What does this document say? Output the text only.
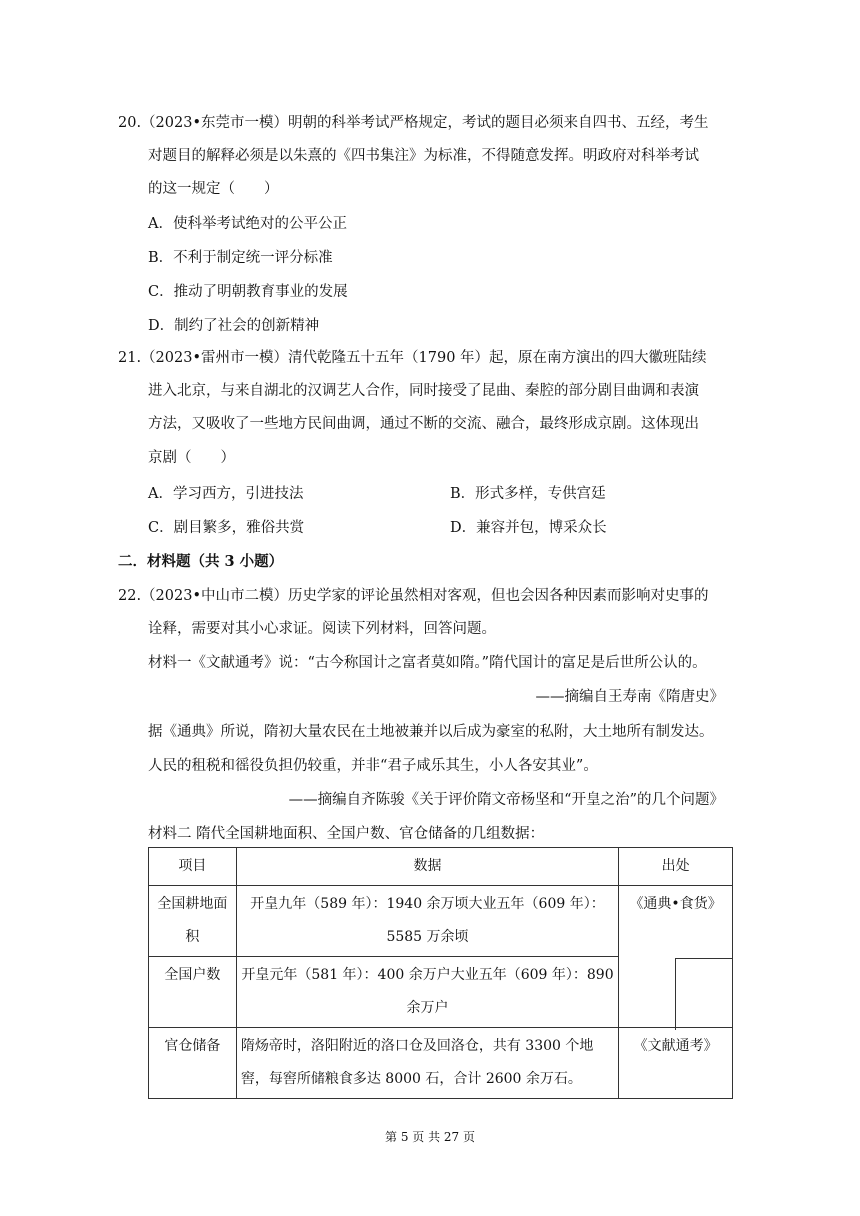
20.（2023•东莞市一模）明朝的科举考试严格规定，考试的题目必须来自四书、五经，考生
对题目的解释必须是以朱熹的《四书集注》为标准，不得随意发挥。明政府对科举考试
的这一规定（　　）
A．使科举考试绝对的公平公正
B．不利于制定统一评分标准
C．推动了明朝教育事业的发展
D．制约了社会的创新精神
21.（2023•雷州市一模）清代乾隆五十五年（1790 年）起，原在南方演出的四大徽班陆续
进入北京，与来自湖北的汉调艺人合作，同时接受了昆曲、秦腔的部分剧目曲调和表演
方法，又吸收了一些地方民间曲调，通过不断的交流、融合，最终形成京剧。这体现出
京剧（　　）
A．学习西方，引进技法	B．形式多样，专供宫廷
C．剧目繁多，雅俗共赏	D．兼容并包，博采众长
二．材料题（共 3 小题）
22.（2023•中山市二模）历史学家的评论虽然相对客观，但也会因各种因素而影响对史事的
诠释，需要对其小心求证。阅读下列材料，回答问题。
材料一《文献通考》说：“古今称国计之富者莫如隋。”隋代国计的富足是后世所公认的。
——摘编自王寿南《隋唐史》
据《通典》所说，隋初大量农民在土地被兼并以后成为豪室的私附，大土地所有制发达。
人民的租税和徭役负担仍较重，并非“君子咸乐其生，小人各安其业”。
——摘编自齐陈骏《关于评价隋文帝杨坚和“开皇之治”的几个问题》
材料二 隋代全国耕地面积、全国户数、官仓储备的几组数据：
项目	数据	出处
全国耕地面积	开皇九年（589 年）：1940 余万顷大业五年（609 年）：5585 万余顷	《通典•食货》
全国户数	开皇元年（581 年）：400 余万户大业五年（609 年）：890 余万户	
官仓储备	隋炀帝时，洛阳附近的洛口仓及回洛仓，共有 3300 个地窖，每窖所储粮食多达 8000 石，合计 2600 余万石。	《文献通考》
第 5 页 共 27 页
